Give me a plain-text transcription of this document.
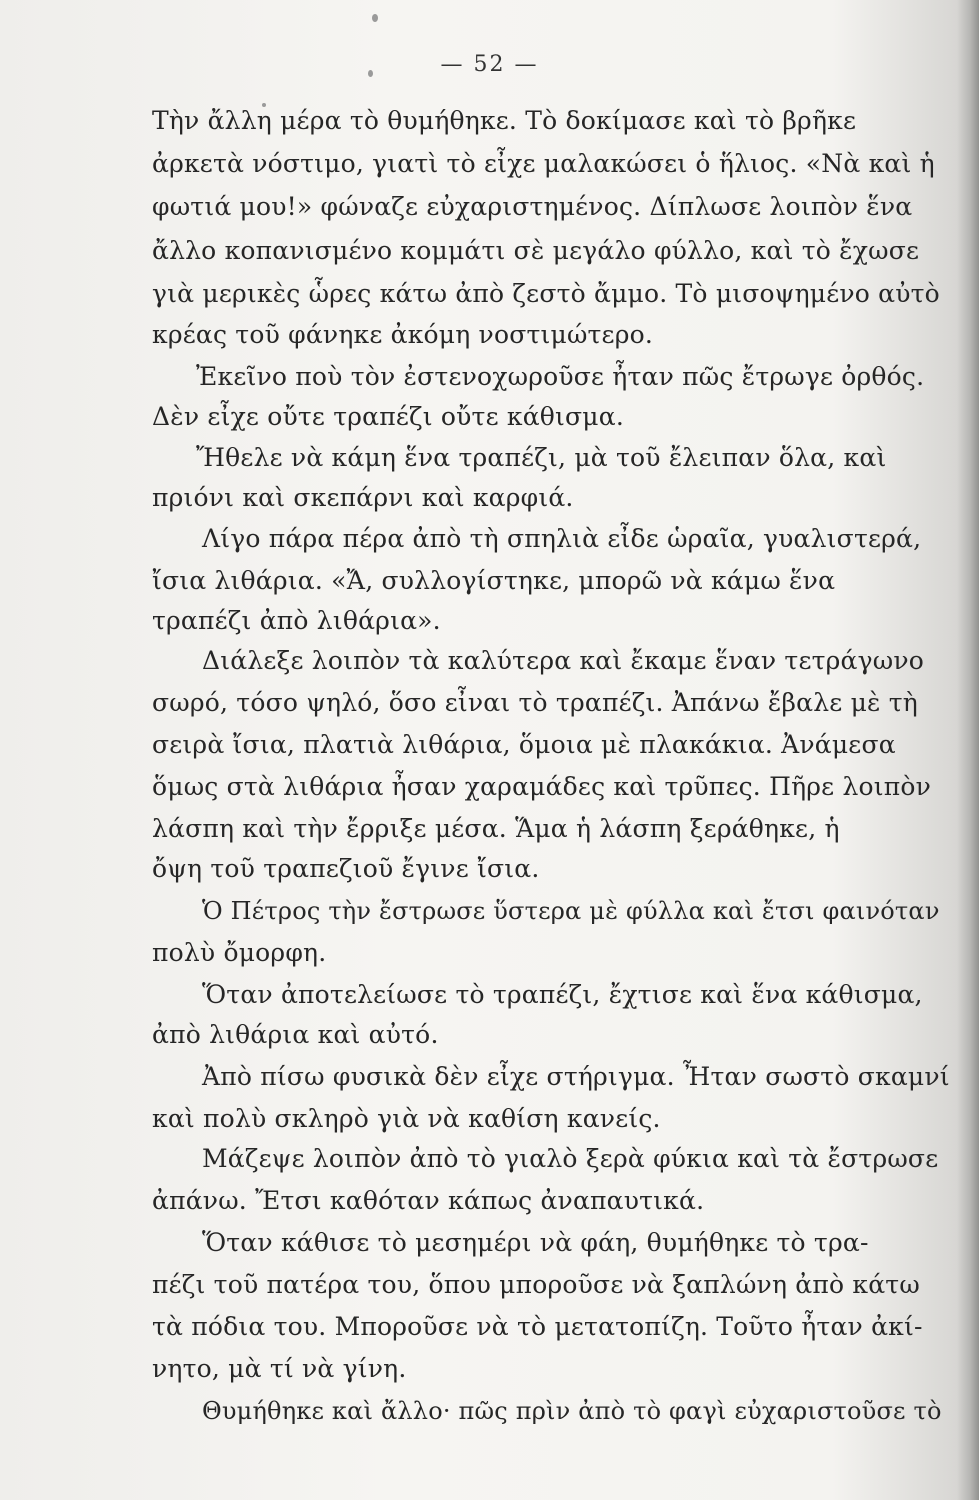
— 52 —
Τὴν ἄλλη μέρα τὸ θυμήθηκε. Τὸ δοκίμασε καὶ τὸ βρῆκε
ἀρκετὰ νόστιμο, γιατὶ τὸ εἶχε μαλακώσει ὁ ἥλιος. «Νὰ καὶ ἡ
φωτιά μου!» φώναζε εὐχαριστημένος. Δίπλωσε λοιπὸν ἕνα
ἄλλο κοπανισμένο κομμάτι σὲ μεγάλο φύλλο, καὶ τὸ ἔχωσε
γιὰ μερικὲς ὧρες κάτω ἀπὸ ζεστὸ ἄμμο. Τὸ μισοψημένο αὐτὸ
κρέας τοῦ φάνηκε ἀκόμη νοστιμώτερο.
Ἐκεῖνο ποὺ τὸν ἐστενοχωροῦσε ἦταν πῶς ἔτρωγε ὀρθός.
Δὲν εἶχε οὔτε τραπέζι οὔτε κάθισμα.
Ἤθελε νὰ κάμη ἕνα τραπέζι, μὰ τοῦ ἔλειπαν ὅλα, καὶ
πριόνι καὶ σκεπάρνι καὶ καρφιά.
Λίγο πάρα πέρα ἀπὸ τὴ σπηλιὰ εἶδε ὡραῖα, γυαλιστερά,
ἴσια λιθάρια. «Ἄ, συλλογίστηκε, μπορῶ νὰ κάμω ἕνα
τραπέζι ἀπὸ λιθάρια».
Διάλεξε λοιπὸν τὰ καλύτερα καὶ ἔκαμε ἕναν τετράγωνο
σωρό, τόσο ψηλό, ὅσο εἶναι τὸ τραπέζι. Ἀπάνω ἔβαλε μὲ τὴ
σειρὰ ἴσια, πλατιὰ λιθάρια, ὅμοια μὲ πλακάκια. Ἀνάμεσα
ὅμως στὰ λιθάρια ἦσαν χαραμάδες καὶ τρῦπες. Πῆρε λοιπὸν
λάσπη καὶ τὴν ἔρριξε μέσα. Ἅμα ἡ λάσπη ξεράθηκε, ἡ
ὄψη τοῦ τραπεζιοῦ ἔγινε ἴσια.
Ὁ Πέτρος τὴν ἔστρωσε ὕστερα μὲ φύλλα καὶ ἔτσι φαινόταν
πολὺ ὄμορφη.
Ὅταν ἀποτελείωσε τὸ τραπέζι, ἔχτισε καὶ ἕνα κάθισμα,
ἀπὸ λιθάρια καὶ αὐτό.
Ἀπὸ πίσω φυσικὰ δὲν εἶχε στήριγμα. Ἦταν σωστὸ σκαμνί
καὶ πολὺ σκληρὸ γιὰ νὰ καθίση κανείς.
Μάζεψε λοιπὸν ἀπὸ τὸ γιαλὸ ξερὰ φύκια καὶ τὰ ἔστρωσε
ἀπάνω. Ἔτσι καθόταν κάπως ἀναπαυτικά.
Ὅταν κάθισε τὸ μεσημέρι νὰ φάη, θυμήθηκε τὸ τρα-
πέζι τοῦ πατέρα του, ὅπου μποροῦσε νὰ ξαπλώνη ἀπὸ κάτω
τὰ πόδια του. Μποροῦσε νὰ τὸ μετατοπίζη. Τοῦτο ἦταν ἀκί-
νητο, μὰ τί νὰ γίνη.
Θυμήθηκε καὶ ἄλλο· πῶς πρὶν ἀπὸ τὸ φαγὶ εὐχαριστοῦσε τὸ
